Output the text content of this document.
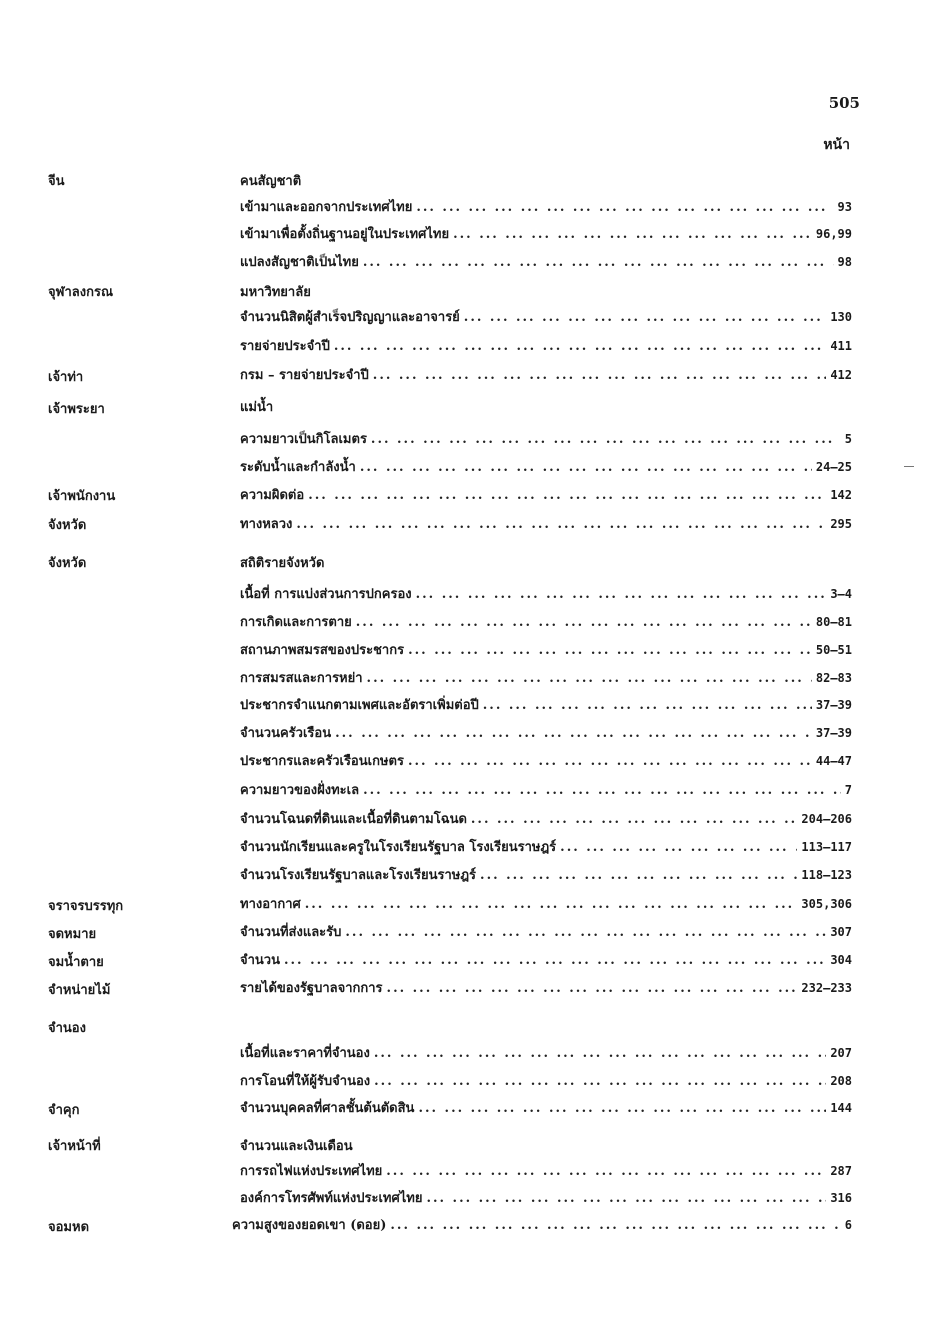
505
หน้า
จีน	คนสัญชาติ
เข้ามาและออกจากประเทศไทย ...	93
เข้ามาเพื่อตั้งถิ่นฐานอยู่ในประเทศไทย ...	96,99
แปลงสัญชาติเป็นไทย ...	98
จุฬาลงกรณ	มหาวิทยาลัย
จำนวนนิสิตผู้สำเร็จปริญญาและอาจารย์ ...	130
รายจ่ายประจำปี ...	411
เจ้าท่า	กรม – รายจ่ายประจำปี ...	412
เจ้าพระยา	แม่น้ำ
ความยาวเป็นกิโลเมตร ...	5
ระดับน้ำและกำลังน้ำ ...	24–25
เจ้าพนักงาน	ความผิดต่อ ...	142
จังหวัด	ทางหลวง ...	295
จังหวัด	สถิติรายจังหวัด
เนื้อที่ การแบ่งส่วนการปกครอง ...	3–4
การเกิดและการตาย ...	80–81
สถานภาพสมรสของประชากร ...	50–51
การสมรสและการหย่า ...	82–83
ประชากรจำแนกตามเพศและอัตราเพิ่มต่อปี ...	37–39
จำนวนครัวเรือน ...	37–39
ประชากรและครัวเรือนเกษตร ...	44–47
ความยาวของฝั่งทะเล ...	7
จำนวนโฉนดที่ดินและเนื้อที่ดินตามโฉนด ...	204–206
จำนวนนักเรียนและครูในโรงเรียนรัฐบาล โรงเรียนราษฎร์ ...	113–117
จำนวนโรงเรียนรัฐบาลและโรงเรียนราษฎร์ ...	118–123
จราจรบรรทุก	ทางอากาศ ...	305,306
จดหมาย	จำนวนที่ส่งและรับ ...	307
จมน้ำตาย	จำนวน ...	304
จำหน่ายไม้	รายได้ของรัฐบาลจากการ ...	232–233
จำนอง
เนื้อที่และราคาที่จำนอง ...	207
การโอนที่ให้ผู้รับจำนอง ...	208
จำคุก	จำนวนบุคคลที่ศาลชั้นต้นตัดสิน ...	144
เจ้าหน้าที่	จำนวนและเงินเดือน
การรถไฟแห่งประเทศไทย ...	287
องค์การโทรศัพท์แห่งประเทศไทย ...	316
จอมหด	ความสูงของยอดเขา (ดอย) ...	6
